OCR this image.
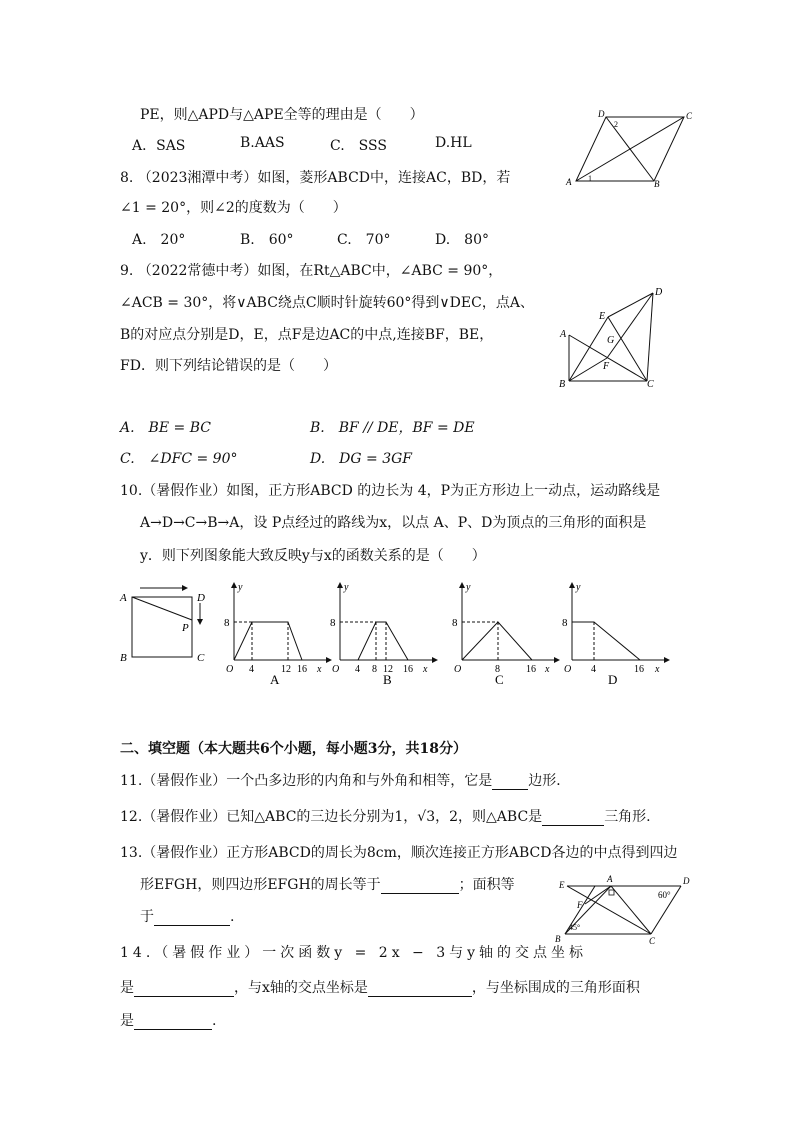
PE，则△APD与△APE全等的理由是（　　）
A．SAS	B.AAS	C.　SSS	D.HL
D
2
C
A 1
B
8. （2023湘潭中考）如图，菱形ABCD中，连接AC，BD，若
∠1 = 20°，则∠2的度数为（　　）
A.　20°	B.　60°	C.　70°	D.　80°
9. （2022常德中考）如图，在Rt△ABC中，∠ABC = 90°，
∠ACB = 30°，将∨ABC绕点C顺时针旋转60°得到∨DEC，点A、
B的对应点分别是D，E，点F是边AC的中点,连接BF，BE，
FD．则下列结论错误的是（　　）
D
E
A
G
F
B	C
A.　BE = BC	B.　BF // DE，BF = DE
C.　∠DFC = 90°	D.　DG = 3GF
10.（暑假作业）如图，正方形ABCD 的边长为 4，P为正方形边上一动点，运动路线是
A→D→C→B→A，设 P点经过的路线为x，以点 A、P、D为顶点的三角形的面积是
y．则下列图象能大致反映y与x的函数关系的是（　　）
A	D
P
B	C
y
8
O 4	12 16 x
A
y
8
O 4 8 12 16 x
B
y
8
O	8	16 x
C
y
8
O 4	16 x
D
二、填空题（本大题共6个小题，每小题3分，共18分）
11.（暑假作业）一个凸多边形的内角和与外角和相等，它是	边形．
12.（暑假作业）已知△ABC的三边长分别为1，√3，2，则△ABC是	三角形.
13.（暑假作业）正方形ABCD的周长为8cm，顺次连接正方形ABCD各边的中点得到四边
形EFGH，则四边形EFGH的周长等于	；面积等
于	.
E
A	D
60°
F
45°
B	C
14.（暑假作业）一次函数y = 2x − 3与y轴的交点坐标
是	，与x轴的交点坐标是	，与坐标围成的三角形面积
是	.
